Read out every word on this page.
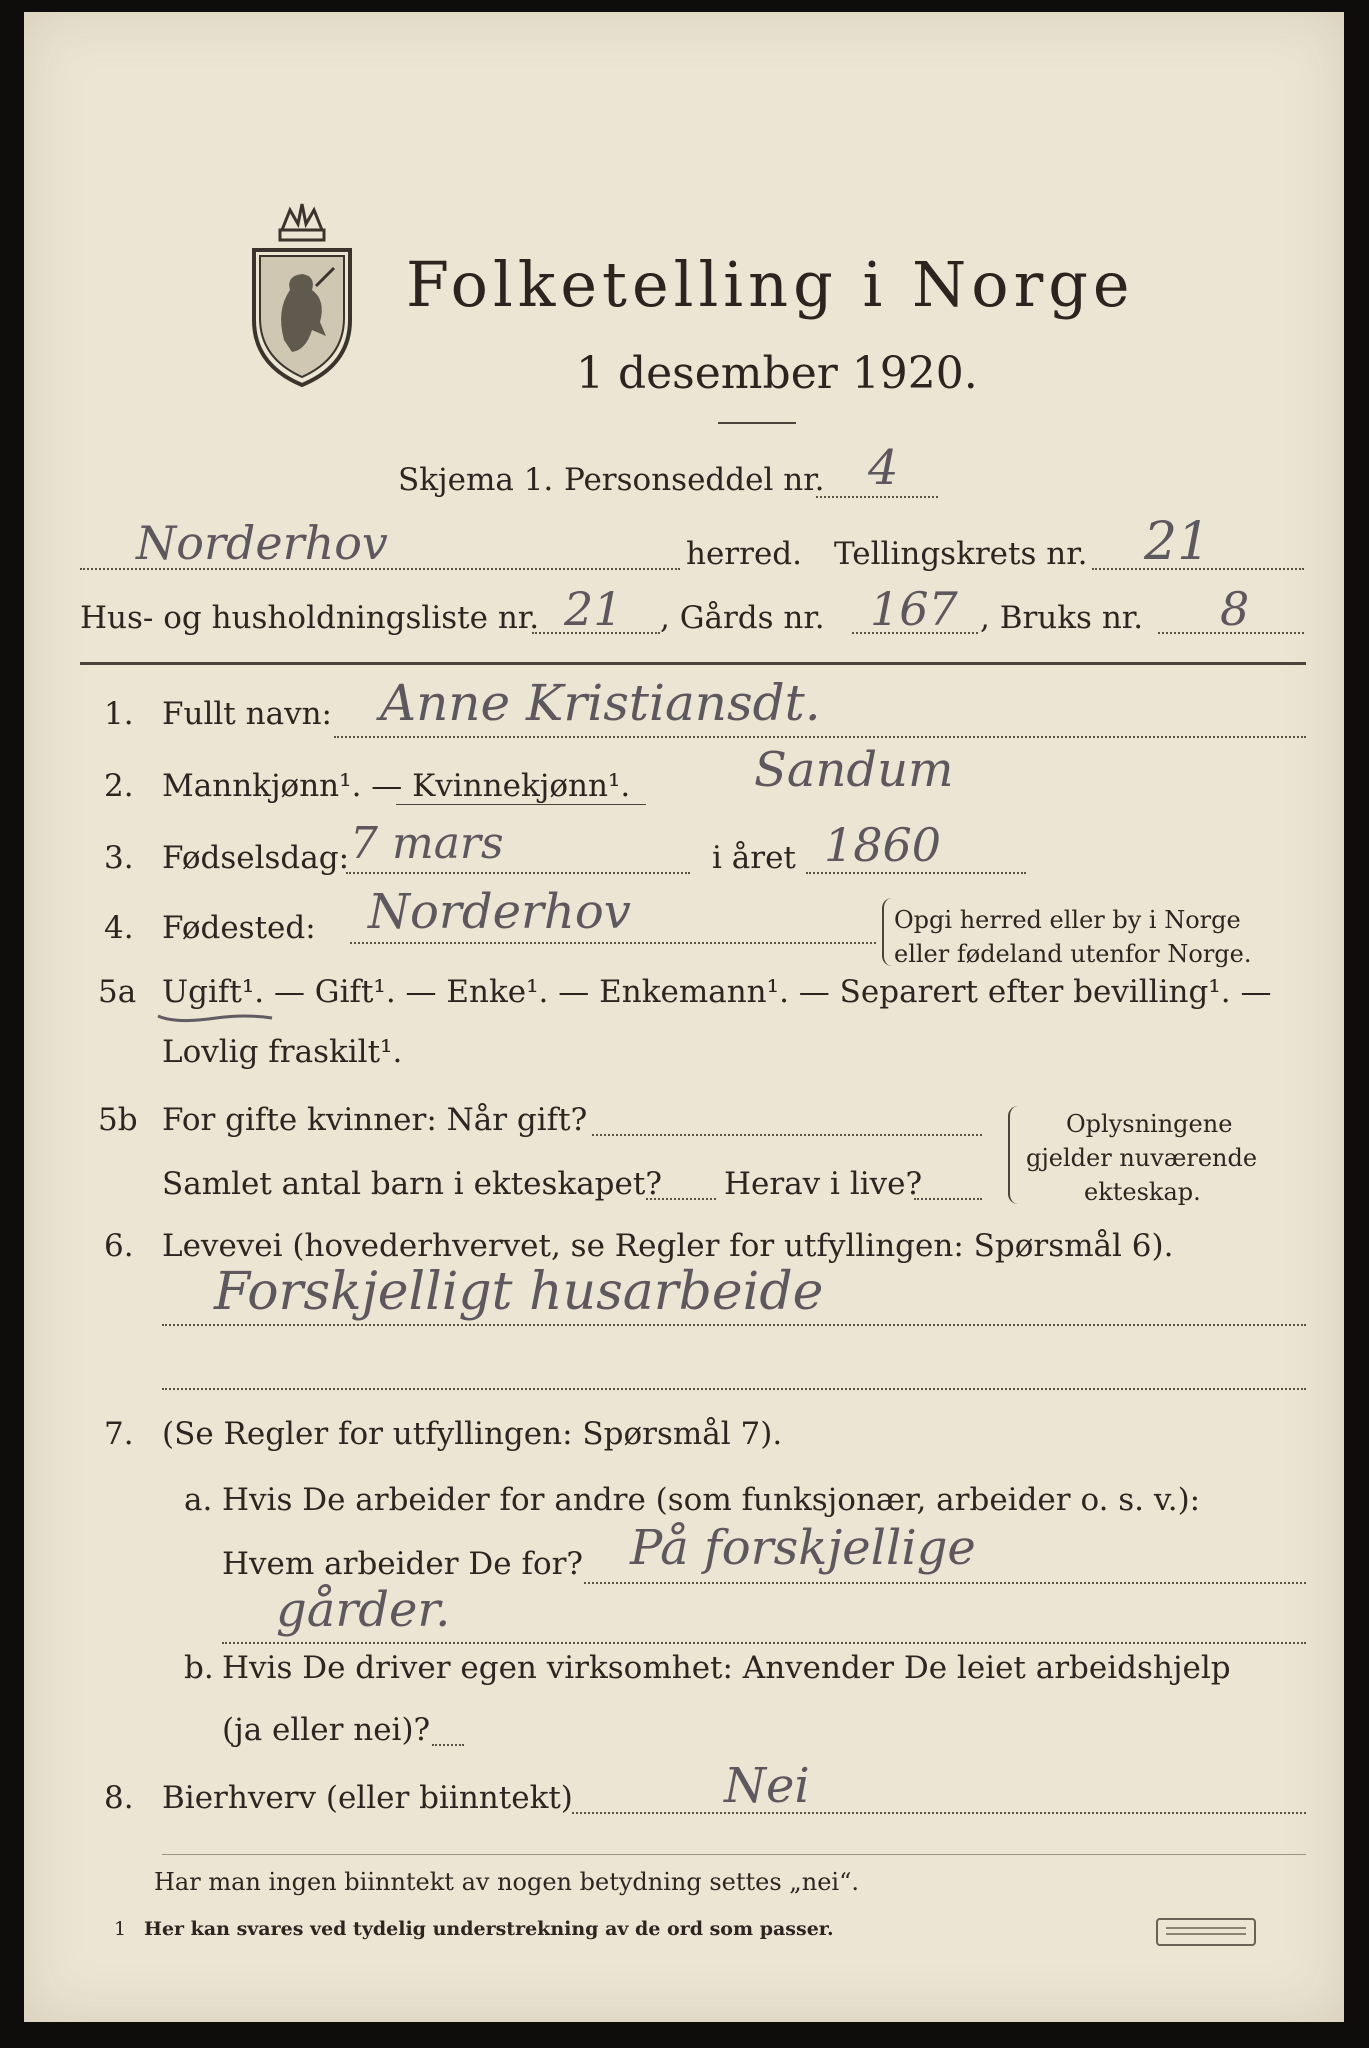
Folketelling i Norge
1 desember 1920.
Skjema 1. Personseddel nr. 4
Norderhov	herred. Tellingskrets nr. 21
Hus- og husholdningsliste nr. 21 , Gårds nr. 167 , Bruks nr. 8
1. Fullt navn: Anne Kristiansdt.
2. Mannkjønn¹. — Kvinnekjønn¹.	Sandum
3. Fødselsdag: 7 mars	i året 1860
4. Fødested: Norderhov	Opgi herred eller by i Norge
eller fødeland utenfor Norge.
5a Ugift¹. — Gift¹. — Enke¹. — Enkemann¹. — Separert efter bevilling¹. —
Lovlig fraskilt¹.
5b For gifte kvinner: Når gift?
Samlet antal barn i ekteskapet? Herav i live?
Oplysningene
gjelder nuværende
ekteskap.
6. Levevei (hovederhvervet, se Regler for utfyllingen: Spørsmål 6).
Forskjelligt husarbeide
7. (Se Regler for utfyllingen: Spørsmål 7).
a. Hvis De arbeider for andre (som funksjonær, arbeider o. s. v.):
Hvem arbeider De for? På forskjellige
gårder.
b. Hvis De driver egen virksomhet: Anvender De leiet arbeidshjelp
(ja eller nei)?
8. Bierhverv (eller biinntekt)	Nei
Har man ingen biinntekt av nogen betydning settes „nei“.
1 Her kan svares ved tydelig understrekning av de ord som passer.
